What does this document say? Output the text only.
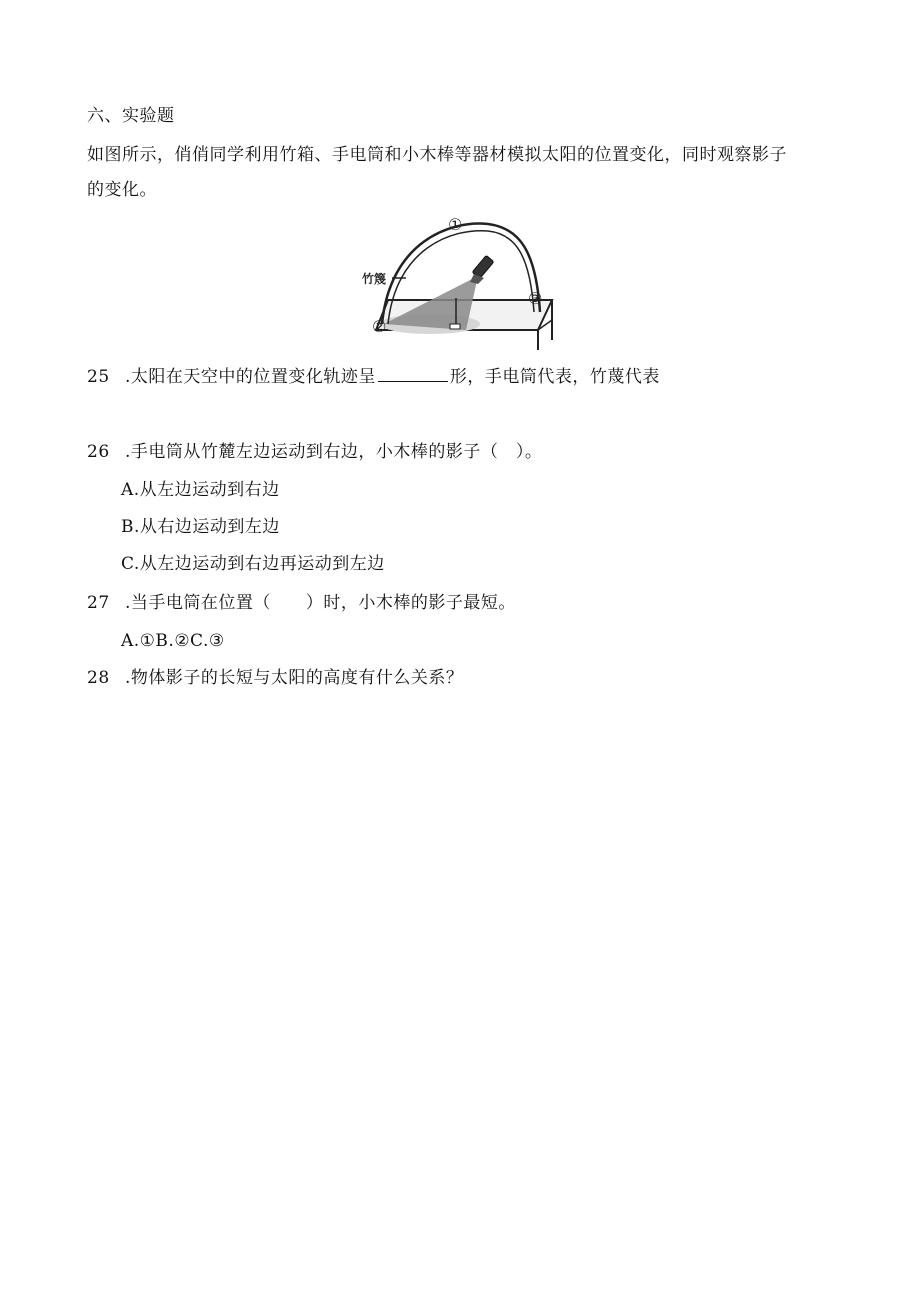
六、实验题
如图所示，俏俏同学利用竹箱、手电筒和小木棒等器材模拟太阳的位置变化，同时观察影子
的变化。
竹篾
①
②
③
25 .太阳在天空中的位置变化轨迹呈	形，手电筒代表，竹蔑代表
26 .手电筒从竹麓左边运动到右边，小木棒的影子（　）。
A.从左边运动到右边
B.从右边运动到左边
C.从左边运动到右边再运动到左边
27 .当手电筒在位置（　　）时，小木棒的影子最短。
A.①B.②C.③
28 .物体影子的长短与太阳的高度有什么关系？
